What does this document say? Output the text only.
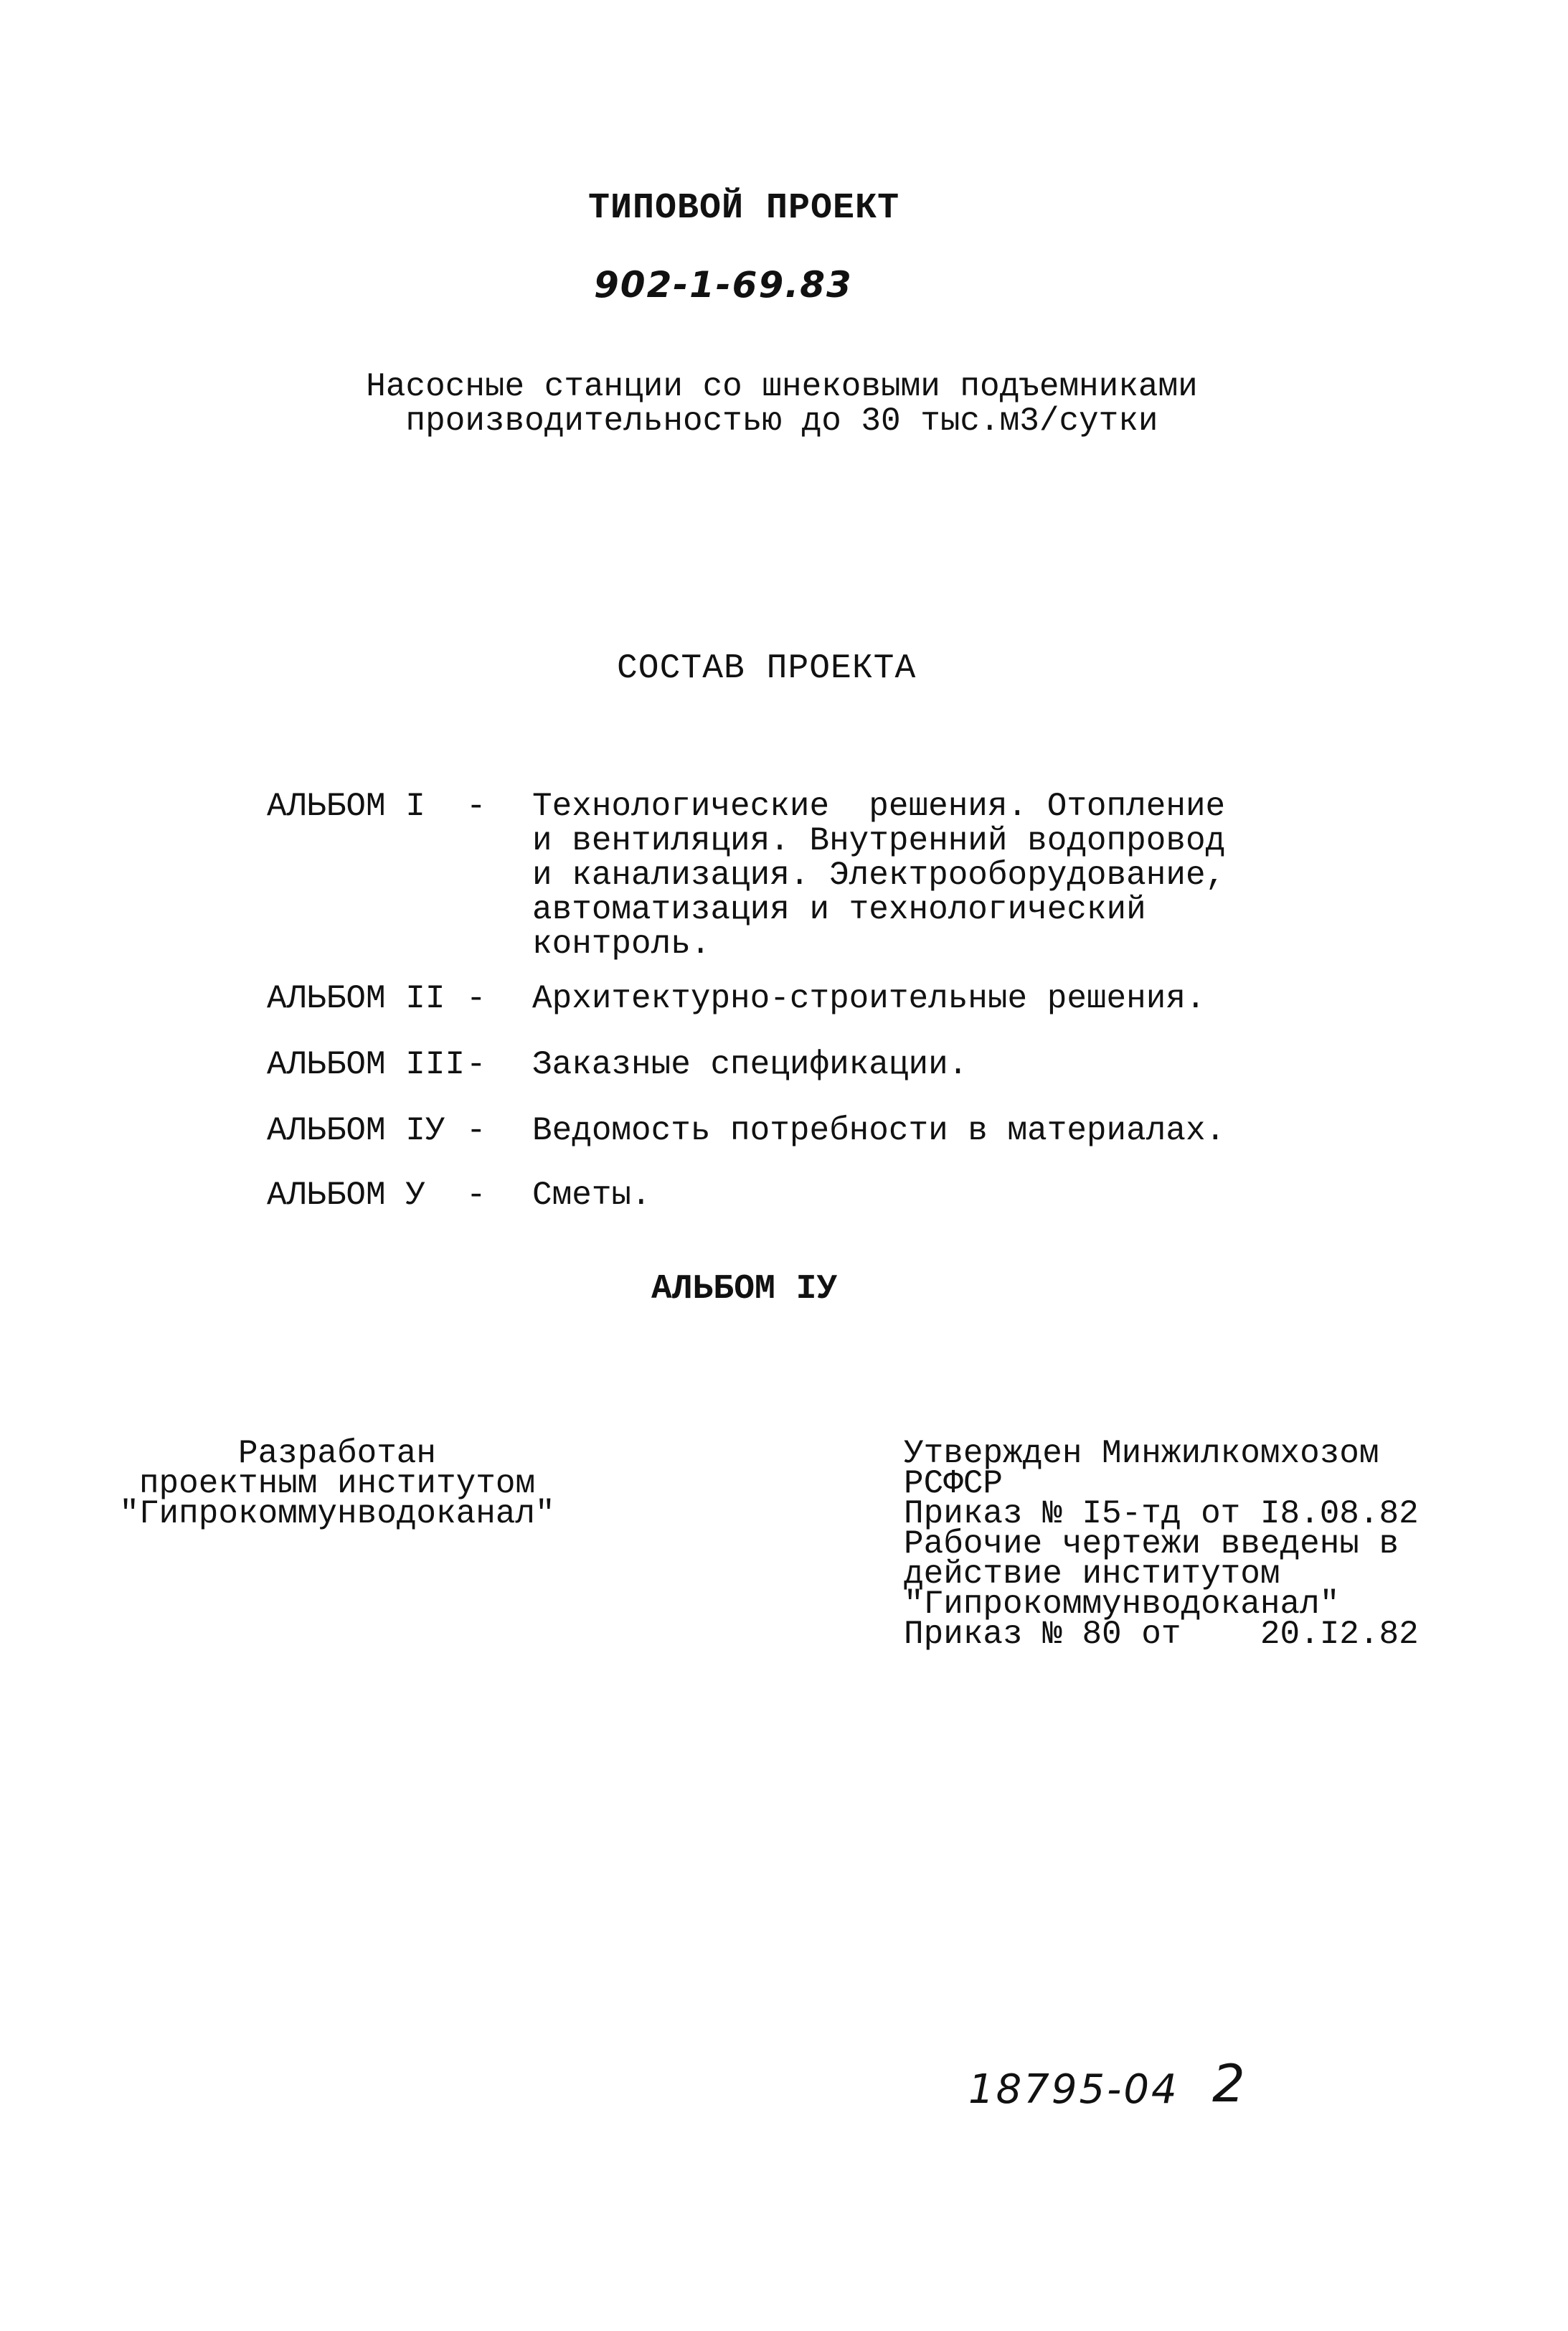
ТИПОВОЙ ПРОЕКТ
902-1-69.83
Насосные станции со шнековыми подъемниками
производительностью до 30 тыс.м3/сутки
СОСТАВ ПРОЕКТА
АЛЬБОМ I - Технологические  решения. Отопление
и вентиляция. Внутренний водопровод
и канализация. Электрооборудование,
автоматизация и технологический
контроль.
АЛЬБОМ II - Архитектурно-строительные решения.
АЛЬБОМ III - Заказные спецификации.
АЛЬБОМ IУ - Ведомость потребности в материалах.
АЛЬБОМ У - Сметы.
АЛЬБОМ IУ
Разработан
проектным институтом
"Гипрокоммунводоканал"
Утвержден Минжилкомхозом
РСФСР
Приказ № I5-тд от I8.08.82
Рабочие чертежи введены в
действие институтом
"Гипрокоммунводоканал"
Приказ № 80 от    20.I2.82
18795-04 2
